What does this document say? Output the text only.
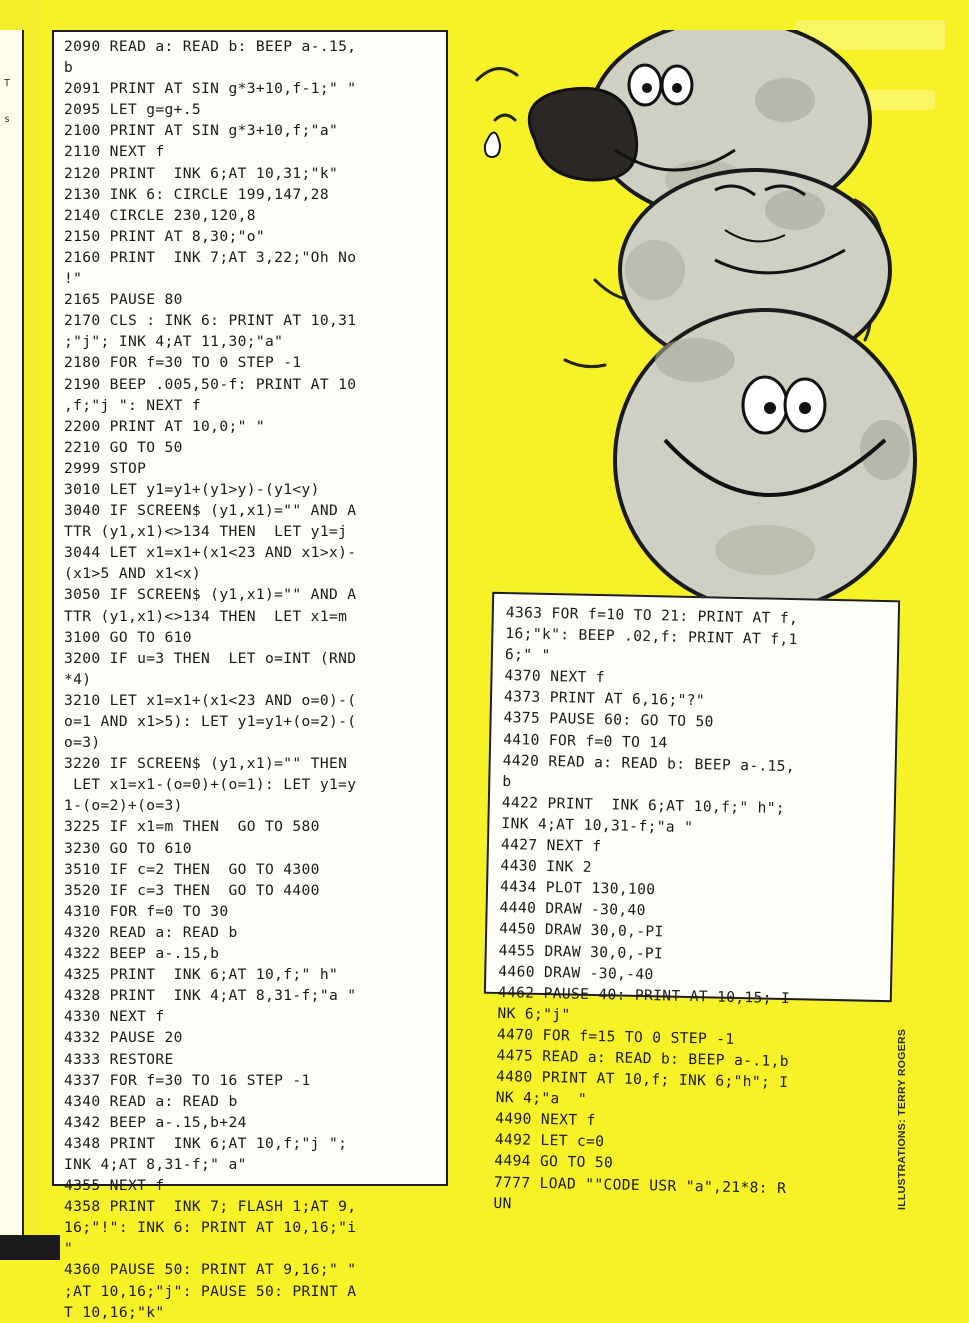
T
s
2090 READ a: READ b: BEEP a-.15,
b
2091 PRINT AT SIN g*3+10,f-1;" "
2095 LET g=g+.5
2100 PRINT AT SIN g*3+10,f;"a"
2110 NEXT f
2120 PRINT  INK 6;AT 10,31;"k"
2130 INK 6: CIRCLE 199,147,28
2140 CIRCLE 230,120,8
2150 PRINT AT 8,30;"o"
2160 PRINT  INK 7;AT 3,22;"Oh No
!"
2165 PAUSE 80
2170 CLS : INK 6: PRINT AT 10,31
;"j"; INK 4;AT 11,30;"a"
2180 FOR f=30 TO 0 STEP -1
2190 BEEP .005,50-f: PRINT AT 10
,f;"j ": NEXT f
2200 PRINT AT 10,0;" "
2210 GO TO 50
2999 STOP
3010 LET y1=y1+(y1>y)-(y1<y)
3040 IF SCREEN$ (y1,x1)="" AND A
TTR (y1,x1)<>134 THEN  LET y1=j
3044 LET x1=x1+(x1<23 AND x1>x)-
(x1>5 AND x1<x)
3050 IF SCREEN$ (y1,x1)="" AND A
TTR (y1,x1)<>134 THEN  LET x1=m
3100 GO TO 610
3200 IF u=3 THEN  LET o=INT (RND
*4)
3210 LET x1=x1+(x1<23 AND o=0)-(
o=1 AND x1>5): LET y1=y1+(o=2)-(
o=3)
3220 IF SCREEN$ (y1,x1)="" THEN
LET x1=x1-(o=0)+(o=1): LET y1=y
1-(o=2)+(o=3)
3225 IF x1=m THEN  GO TO 580
3230 GO TO 610
3510 IF c=2 THEN  GO TO 4300
3520 IF c=3 THEN  GO TO 4400
4310 FOR f=0 TO 30
4320 READ a: READ b
4322 BEEP a-.15,b
4325 PRINT  INK 6;AT 10,f;" h"
4328 PRINT  INK 4;AT 8,31-f;"a "
4330 NEXT f
4332 PAUSE 20
4333 RESTORE
4337 FOR f=30 TO 16 STEP -1
4340 READ a: READ b
4342 BEEP a-.15,b+24
4348 PRINT  INK 6;AT 10,f;"j ";
INK 4;AT 8,31-f;" a"
4355 NEXT f
4358 PRINT  INK 7; FLASH 1;AT 9,
16;"!": INK 6: PRINT AT 10,16;"i
"
4360 PAUSE 50: PRINT AT 9,16;" "
;AT 10,16;"j": PAUSE 50: PRINT A
T 10,16;"k"
4363 FOR f=10 TO 21: PRINT AT f,
16;"k": BEEP .02,f: PRINT AT f,1
6;" "
4370 NEXT f
4373 PRINT AT 6,16;"?"
4375 PAUSE 60: GO TO 50
4410 FOR f=0 TO 14
4420 READ a: READ b: BEEP a-.15,
b
4422 PRINT  INK 6;AT 10,f;" h";
INK 4;AT 10,31-f;"a "
4427 NEXT f
4430 INK 2
4434 PLOT 130,100
4440 DRAW -30,40
4450 DRAW 30,0,-PI
4455 DRAW 30,0,-PI
4460 DRAW -30,-40
4462 PAUSE 40: PRINT AT 10,15; I
NK 6;"j"
4470 FOR f=15 TO 0 STEP -1
4475 READ a: READ b: BEEP a-.1,b
4480 PRINT AT 10,f; INK 6;"h"; I
NK 4;"a  "
4490 NEXT f
4492 LET c=0
4494 GO TO 50
7777 LOAD ""CODE USR "a",21*8: R
UN	ILLUSTRATIONS: TERRY ROGERS
